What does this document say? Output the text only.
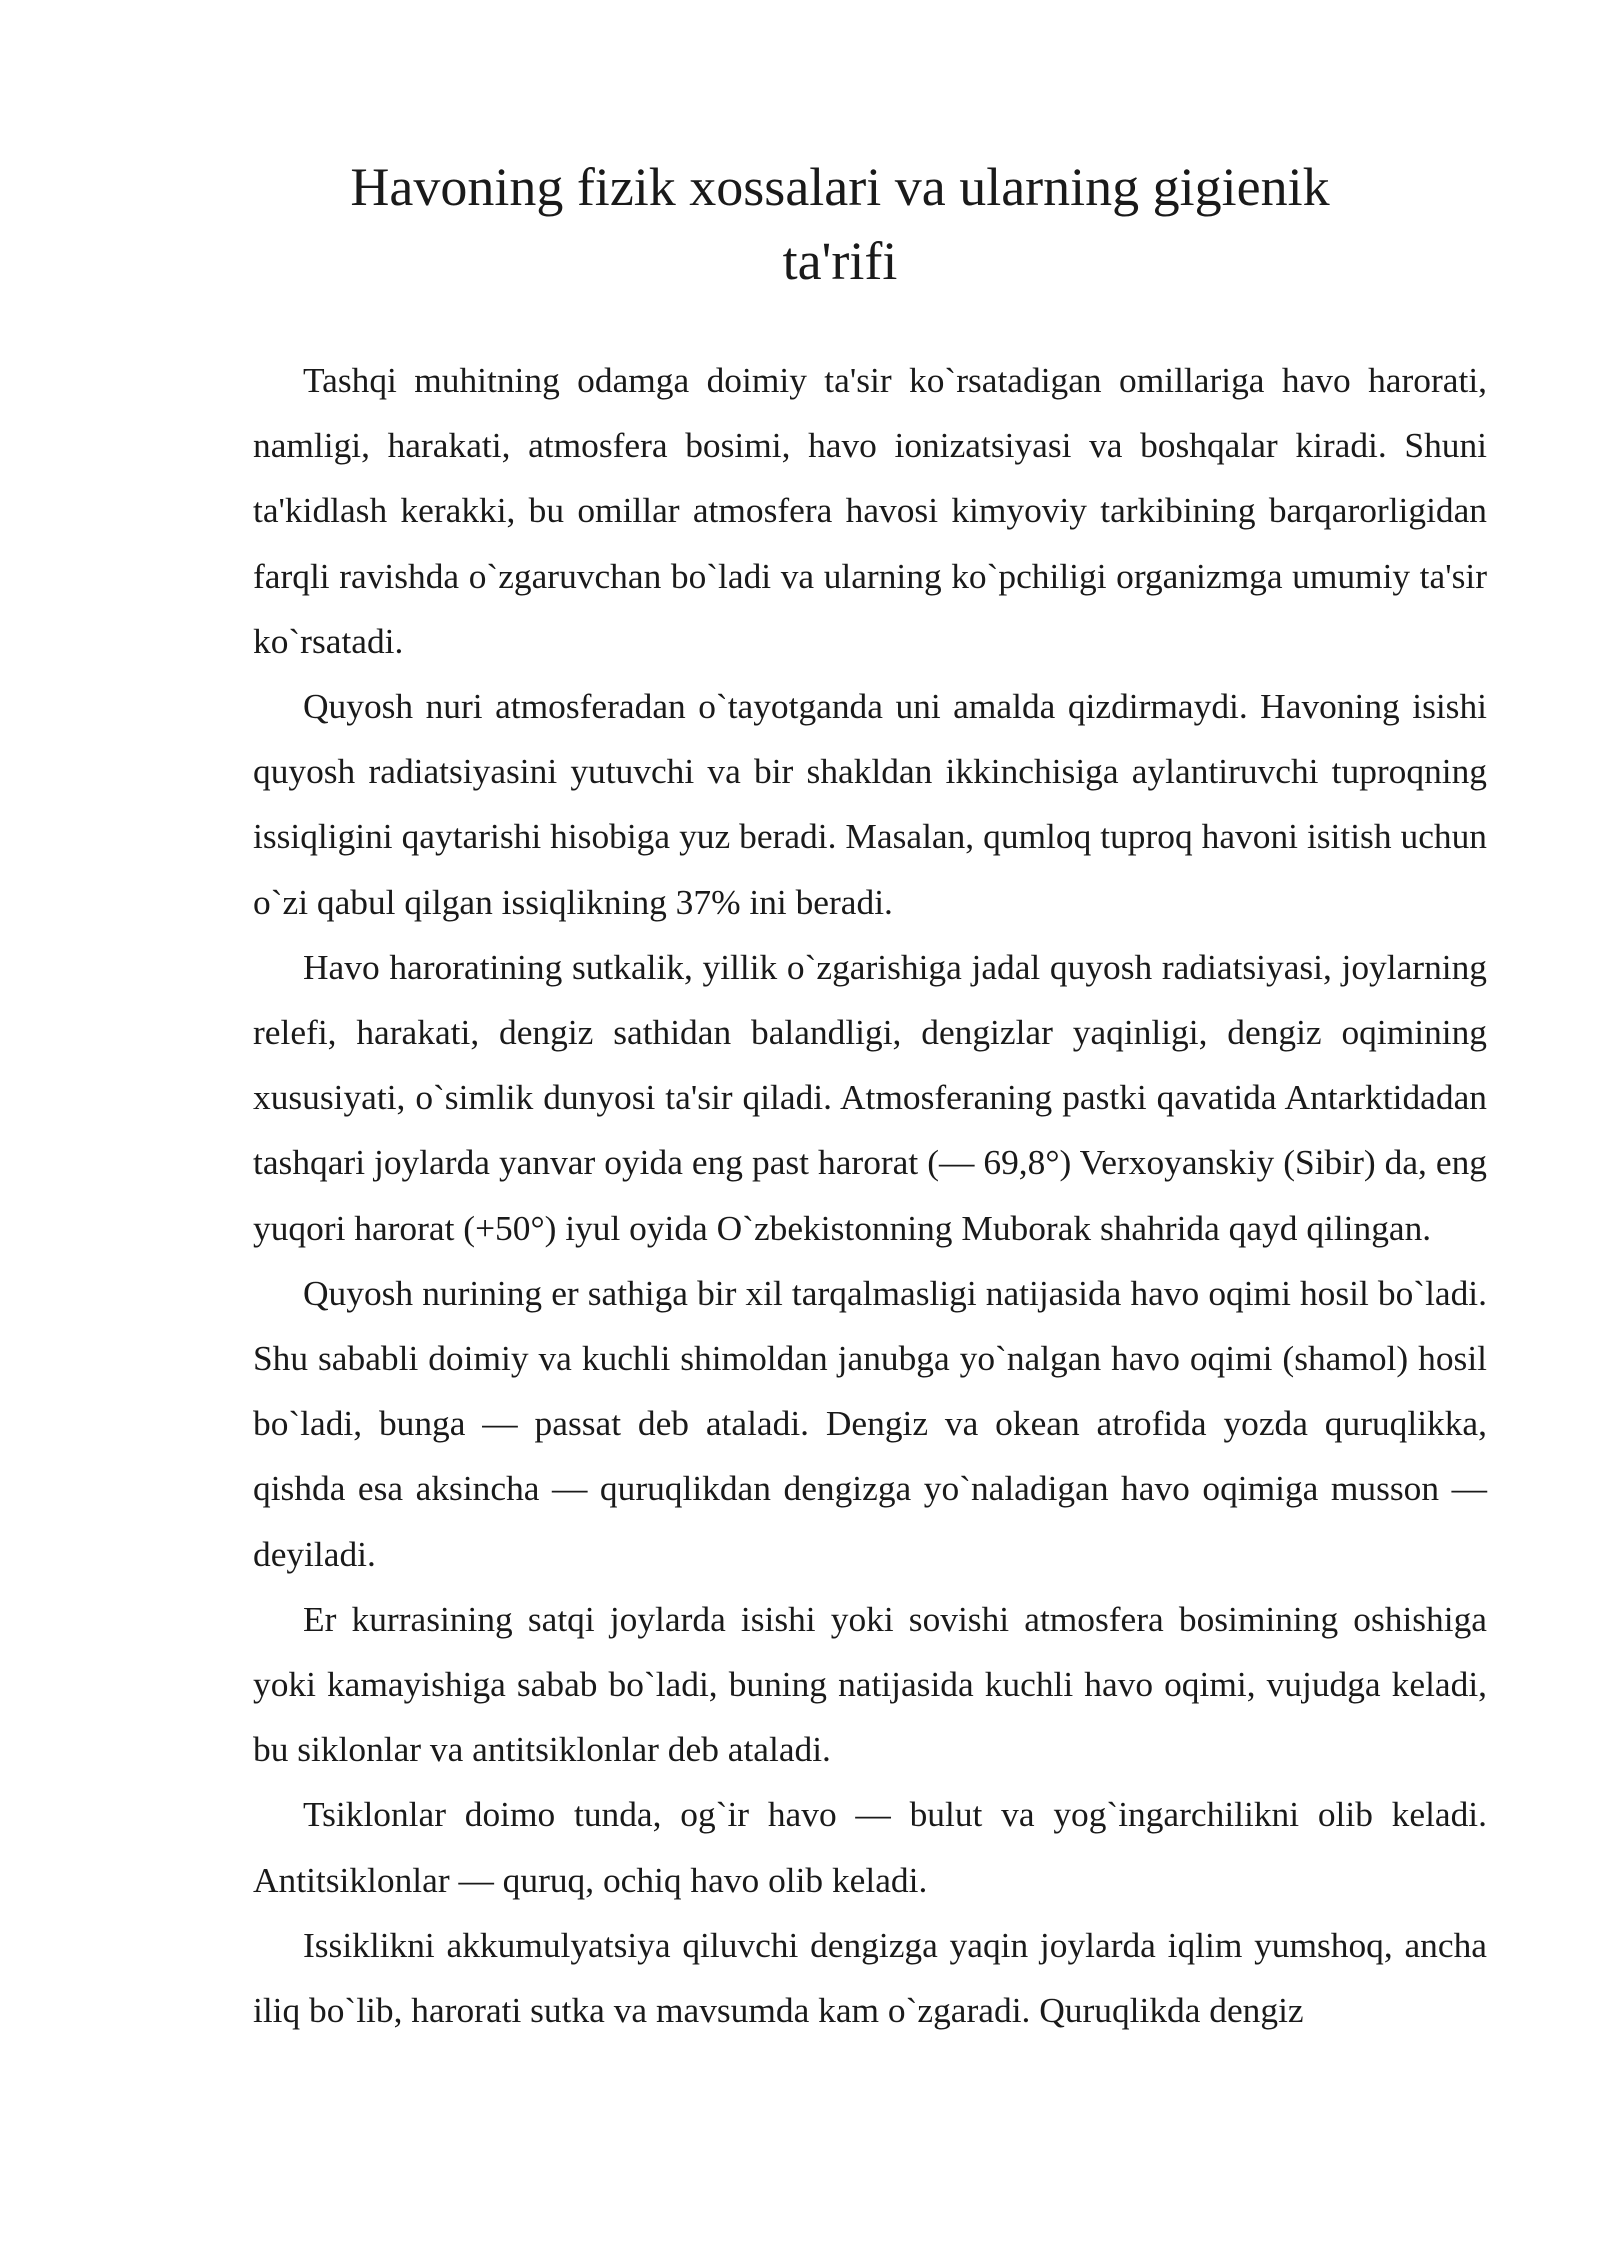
Havoning fizik xossalari va ularning gigienik
ta'rifi

Tashqi muhitning odamga doimiy ta'sir ko`rsatadigan omillariga havo harorati, namligi, harakati, atmosfera bosimi, havo ionizatsiyasi va boshqalar kiradi. Shuni ta'kidlash kerakki, bu omillar atmosfera havosi kimyoviy tarkibining barqarorligidan farqli ravishda o`zgaruvchan bo`ladi va ularning ko`pchiligi organizmga umumiy ta'sir ko`rsatadi.

Quyosh nuri atmosferadan o`tayotganda uni amalda qizdirmaydi. Havoning isishi quyosh radiatsiyasini yutuvchi va bir shakldan ikkinchisiga aylantiruvchi tuproqning issiqligini qaytarishi hisobiga yuz beradi. Masalan, qumloq tuproq havoni isitish uchun o`zi qabul qilgan issiqlikning 37% ini beradi.

Havo haroratining sutkalik, yillik o`zgarishiga jadal quyosh radiatsiyasi, joylarning relefi, harakati, dengiz sathidan balandligi, dengizlar yaqinligi, dengiz oqimining xususiyati, o`simlik dunyosi ta'sir qiladi. Atmosferaning pastki qavatida Antarktidadan tashqari joylarda yanvar oyida eng past harorat (— 69,8°) Verxoyanskiy (Sibir) da, eng yuqori harorat (+50°) iyul oyida O`zbekistonning Muborak shahrida qayd qilingan.

Quyosh nurining er sathiga bir xil tarqalmasligi natijasida havo oqimi hosil bo`ladi. Shu sababli doimiy va kuchli shimoldan janubga yo`nalgan havo oqimi (shamol) hosil bo`ladi, bunga — passat deb ataladi. Dengiz va okean atrofida yozda quruqlikka, qishda esa aksincha — quruqlikdan dengizga yo`naladigan havo oqimiga musson — deyiladi.

Er kurrasining satqi joylarda isishi yoki sovishi atmosfera bosimining oshishiga yoki kamayishiga sabab bo`ladi, buning natijasida kuchli havo oqimi, vujudga keladi, bu siklonlar va antitsiklonlar deb ataladi.

Tsiklonlar doimo tunda, og`ir havo — bulut va yog`ingarchilikni olib keladi. Antitsiklonlar — quruq, ochiq havo olib keladi.

Issiklikni akkumulyatsiya qiluvchi dengizga yaqin joylarda iqlim yumshoq, ancha iliq bo`lib, harorati sutka va mavsumda kam o`zgaradi. Quruqlikda dengiz
